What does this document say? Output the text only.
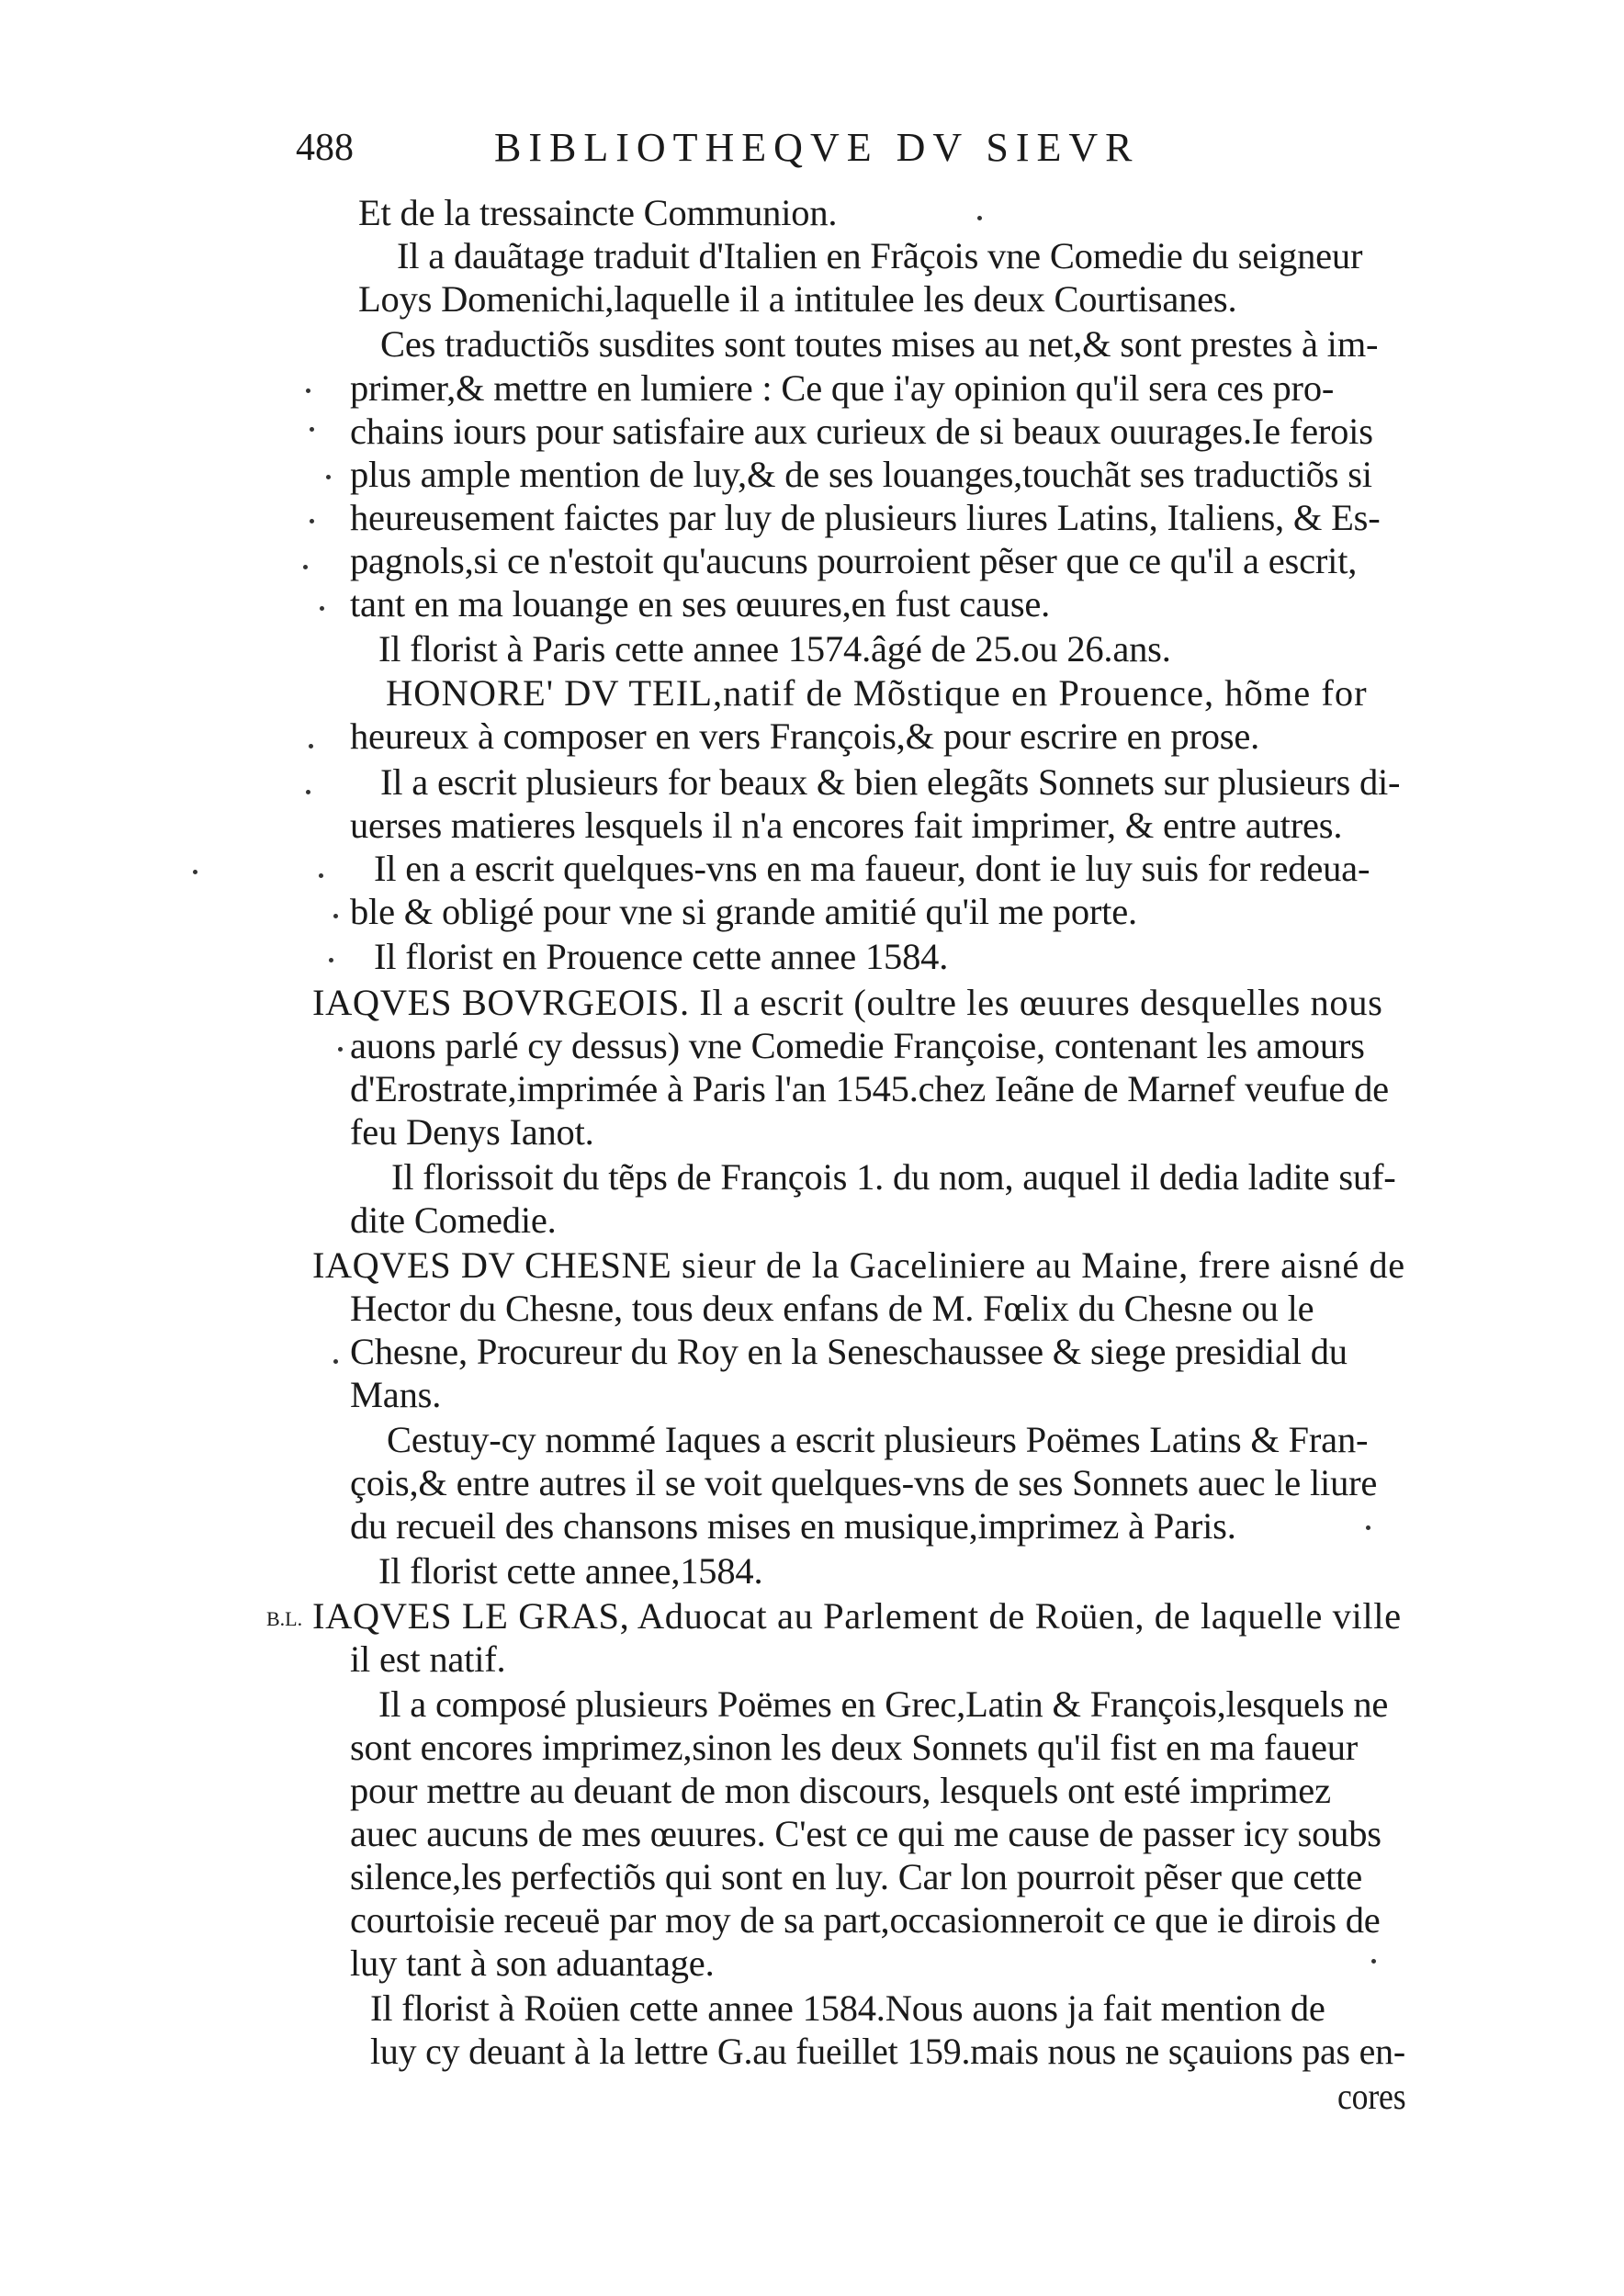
488	BIBLIOTHEQVE DV SIEVR
Et de la tressaincte Communion.
Il a dauãtage traduit d'Italien en Frãçois vne Comedie du seigneur
Loys Domenichi,laquelle il a intitulee les deux Courtisanes.
Ces traductiõs susdites sont toutes mises au net,& sont prestes à im-
primer,& mettre en lumiere : Ce que i'ay opinion qu'il sera ces pro-
chains iours pour satisfaire aux curieux de si beaux ouurages.Ie ferois
plus ample mention de luy,& de ses louanges,touchãt ses traductiõs si
heureusement faictes par luy de plusieurs liures Latins, Italiens, & Es-
pagnols,si ce n'estoit qu'aucuns pourroient pẽser que ce qu'il a escrit,
tant en ma louange en ses œuures,en fust cause.
Il florist à Paris cette annee 1574.âgé de 25.ou 26.ans.
HONORE' DV TEIL,natif de Mõstique en Prouence, hõme for
heureux à composer en vers François,& pour escrire en prose.
Il a escrit plusieurs for beaux & bien elegãts Sonnets sur plusieurs di-
uerses matieres lesquels il n'a encores fait imprimer, & entre autres.
Il en a escrit quelques-vns en ma faueur, dont ie luy suis for redeua-
ble & obligé pour vne si grande amitié qu'il me porte.
Il florist en Prouence cette annee 1584.
IAQVES BOVRGEOIS. Il a escrit (oultre les œuures desquelles nous
auons parlé cy dessus) vne Comedie Françoise, contenant les amours
d'Erostrate,imprimée à Paris l'an 1545.chez Ieãne de Marnef veufue de
feu Denys Ianot.
Il florissoit du tẽps de François 1. du nom, auquel il dedia ladite suf-
dite Comedie.
IAQVES DV CHESNE sieur de la Gaceliniere au Maine, frere aisné de
Hector du Chesne, tous deux enfans de M. Fœlix du Chesne ou le
Chesne, Procureur du Roy en la Seneschaussee & siege presidial du
Mans.
Cestuy-cy nommé Iaques a escrit plusieurs Poëmes Latins & Fran-
çois,& entre autres il se voit quelques-vns de ses Sonnets auec le liure
du recueil des chansons mises en musique,imprimez à Paris.
Il florist cette annee,1584.
IAQVES LE GRAS, Aduocat au Parlement de Roüen, de laquelle ville
il est natif.
Il a composé plusieurs Poëmes en Grec,Latin & François,lesquels ne
sont encores imprimez,sinon les deux Sonnets qu'il fist en ma faueur
pour mettre au deuant de mon discours, lesquels ont esté imprimez
auec aucuns de mes œuures. C'est ce qui me cause de passer icy soubs
silence,les perfectiõs qui sont en luy. Car lon pourroit pẽser que cette
courtoisie receuë par moy de sa part,occasionneroit ce que ie dirois de
luy tant à son aduantage.
Il florist à Roüen cette annee 1584.Nous auons ja fait mention de
luy cy deuant à la lettre G.au fueillet 159.mais nous ne sçauions pas en-
cores
B.L.
